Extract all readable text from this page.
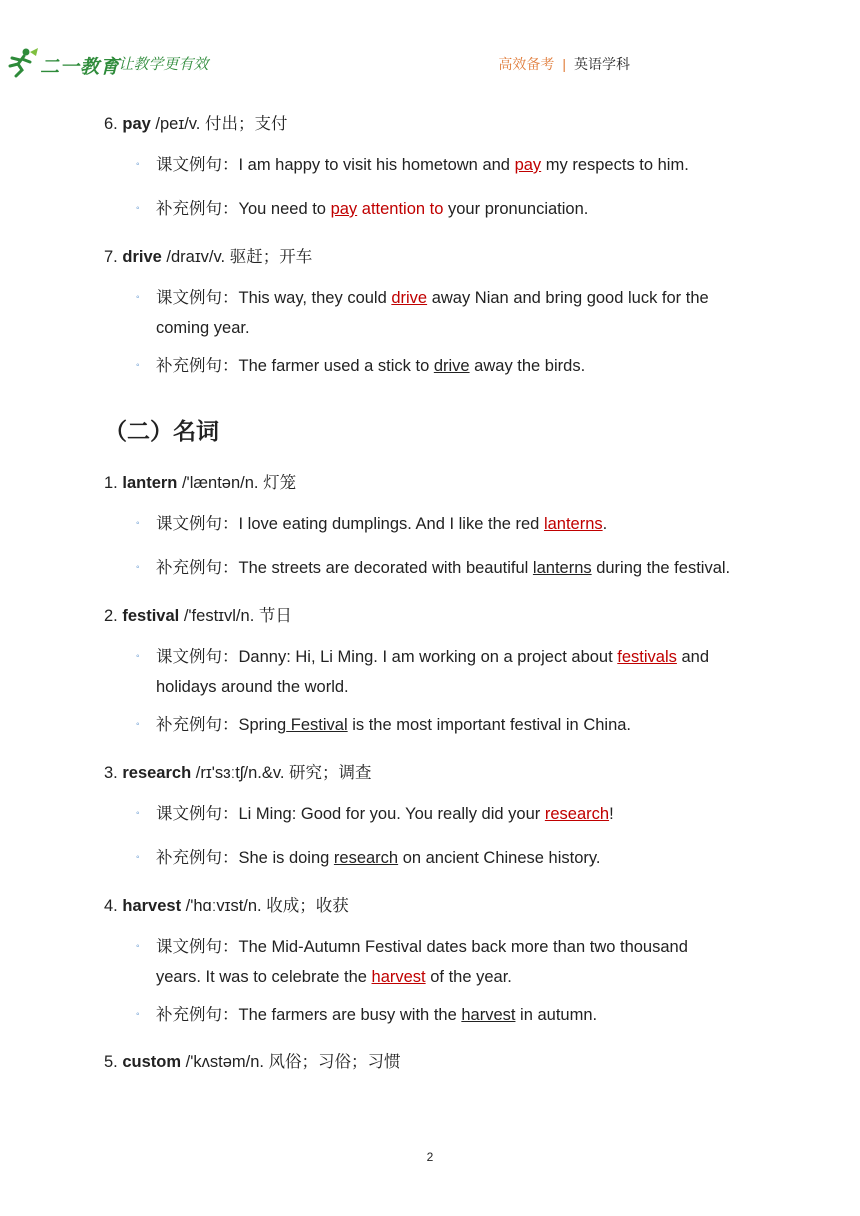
二一教育
/ 让教学更有效	高效备考 | 英语学科
6. pay /peɪ/v. 付出；支付
◦ 课文例句：I am happy to visit his hometown and pay my respects to him.
◦ 补充例句：You need to pay attention to your pronunciation.
7. drive /draɪv/v. 驱赶；开车
◦ 课文例句：This way, they could drive away Nian and bring good luck for the coming year.
◦ 补充例句：The farmer used a stick to drive away the birds.
（二）名词
1. lantern /'læntən/n. 灯笼
◦ 课文例句：I love eating dumplings. And I like the red lanterns.
◦ 补充例句：The streets are decorated with beautiful lanterns during the festival.
2. festival /'festɪvl/n. 节日
◦ 课文例句：Danny: Hi, Li Ming. I am working on a project about festivals and holidays around the world.
◦ 补充例句：Spring Festival is the most important festival in China.
3. research /rɪ'sɜːtʃ/n.&v. 研究；调查
◦ 课文例句：Li Ming: Good for you. You really did your research!
◦ 补充例句：She is doing research on ancient Chinese history.
4. harvest /'hɑːvɪst/n. 收成；收获
◦ 课文例句：The Mid-Autumn Festival dates back more than two thousand years. It was to celebrate the harvest of the year.
◦ 补充例句：The farmers are busy with the harvest in autumn.
5. custom /'kʌstəm/n. 风俗；习俗；习惯
2
